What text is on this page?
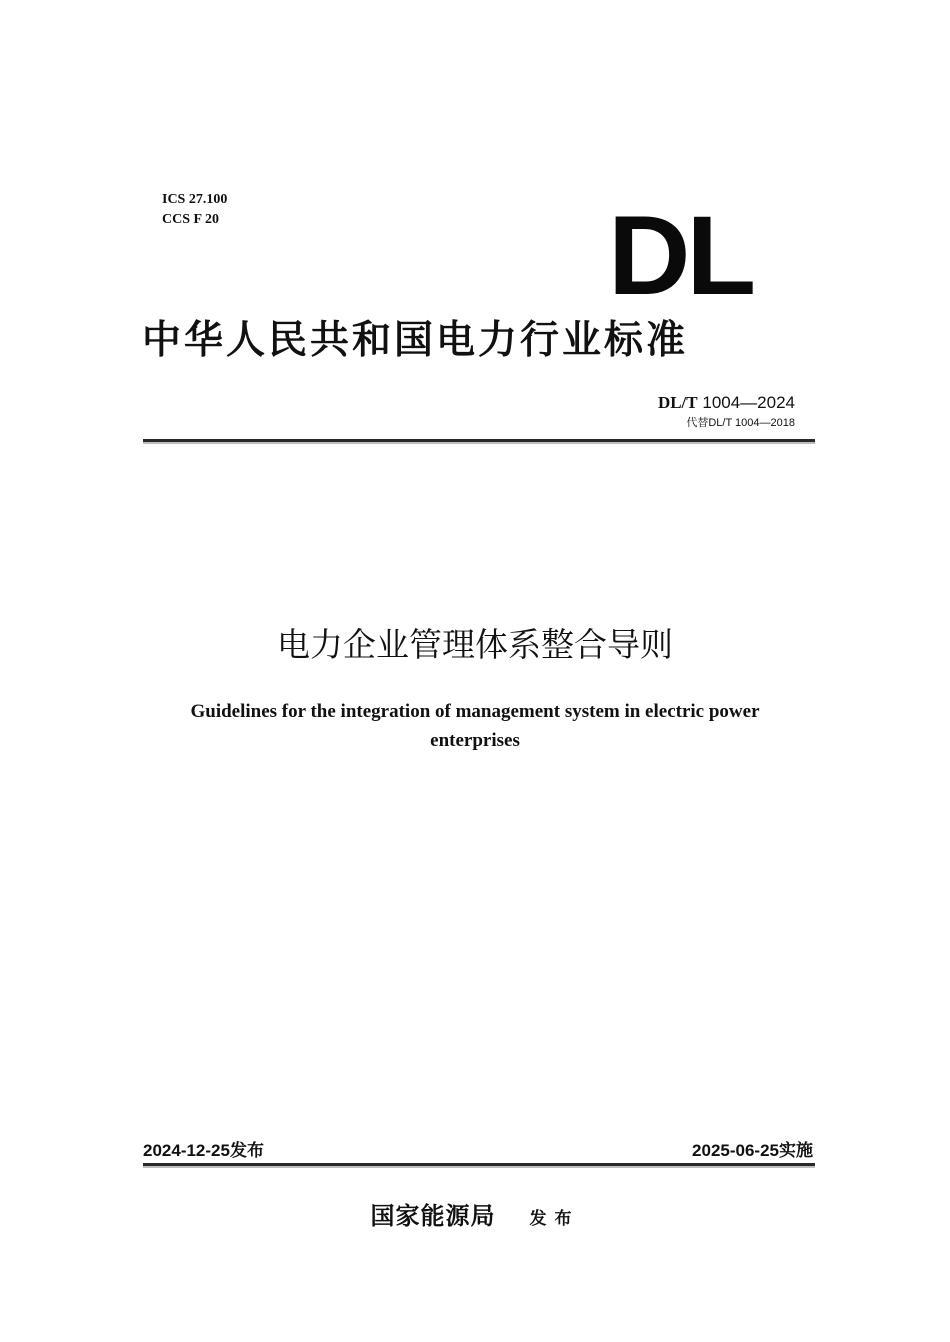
ICS 27.100
CCS F 20	DL
中华人民共和国电力行业标准
DL/T 1004—2024
代替DL/T 1004—2018
电力企业管理体系整合导则
Guidelines for the integration of management system in electric power enterprises
2024-12-25发布	2025-06-25实施
国家能源局 发布
